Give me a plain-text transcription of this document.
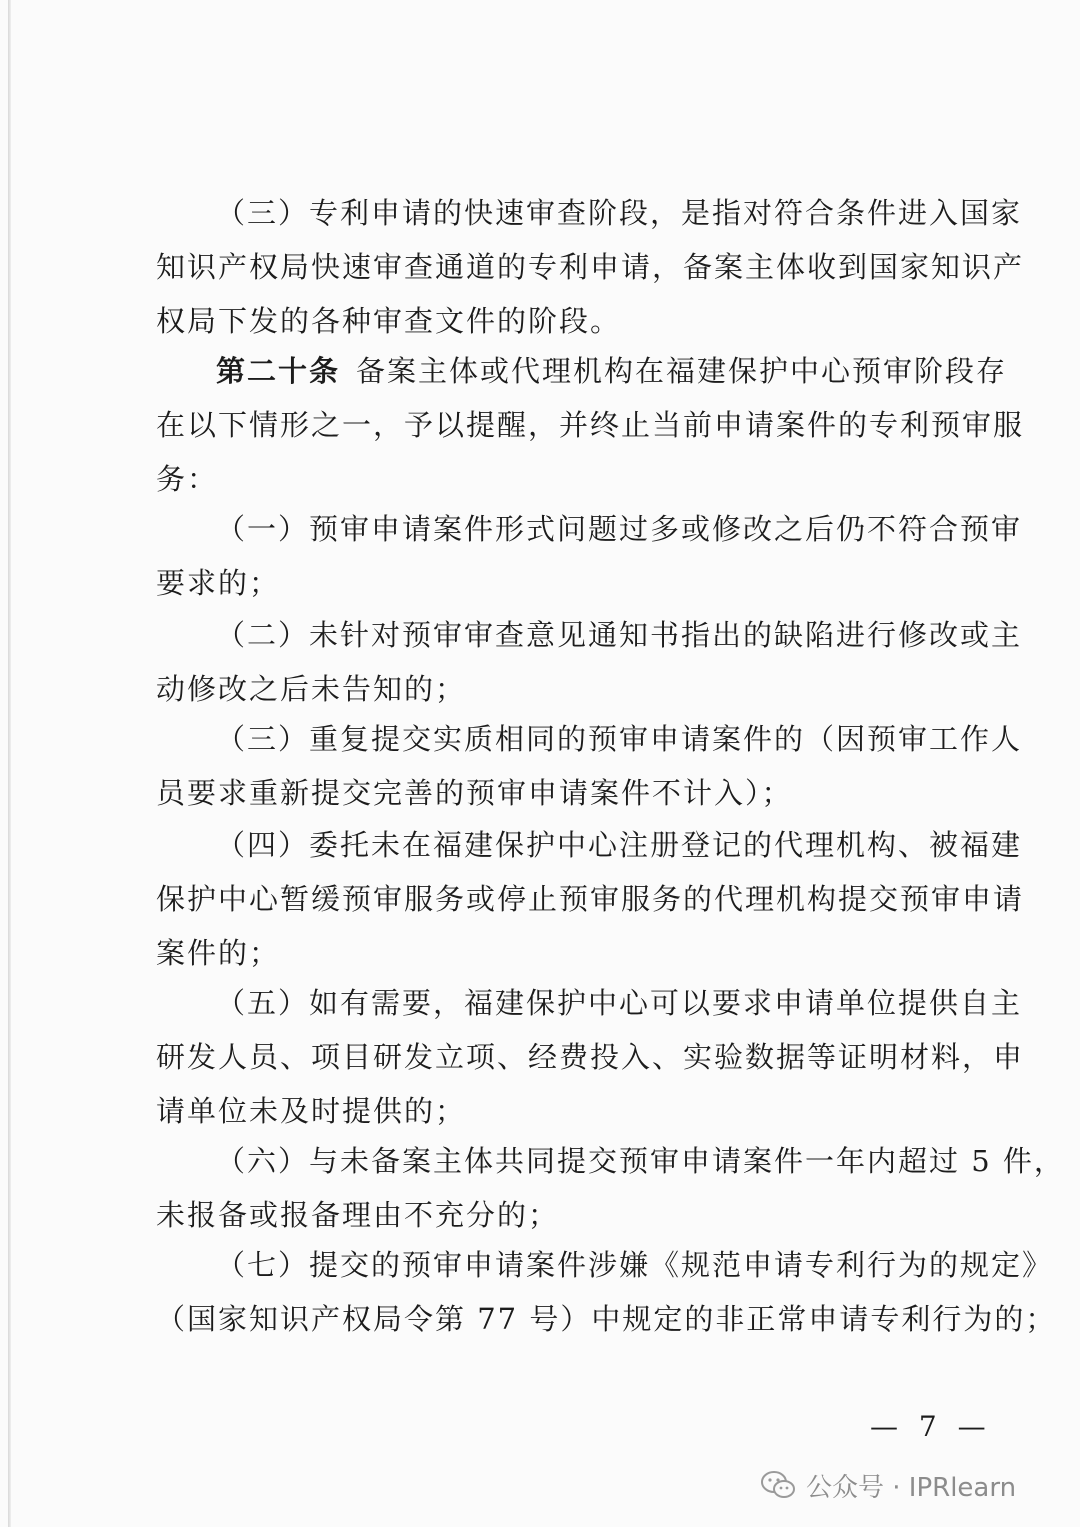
（三）专利申请的快速审查阶段，是指对符合条件进入国家
知识产权局快速审查通道的专利申请，备案主体收到国家知识产
权局下发的各种审查文件的阶段。
第二十条 备案主体或代理机构在福建保护中心预审阶段存
在以下情形之一，予以提醒，并终止当前申请案件的专利预审服
务：
（一）预审申请案件形式问题过多或修改之后仍不符合预审
要求的；
（二）未针对预审审查意见通知书指出的缺陷进行修改或主
动修改之后未告知的；
（三）重复提交实质相同的预审申请案件的（因预审工作人
员要求重新提交完善的预审申请案件不计入）；
（四）委托未在福建保护中心注册登记的代理机构、被福建
保护中心暂缓预审服务或停止预审服务的代理机构提交预审申请
案件的；
（五）如有需要，福建保护中心可以要求申请单位提供自主
研发人员、项目研发立项、经费投入、实验数据等证明材料，申
请单位未及时提供的；
（六）与未备案主体共同提交预审申请案件一年内超过 5 件，
未报备或报备理由不充分的；
（七）提交的预审申请案件涉嫌《规范申请专利行为的规定》
（国家知识产权局令第 77 号）中规定的非正常申请专利行为的；
— 7 —
公众号 · IPRlearn
